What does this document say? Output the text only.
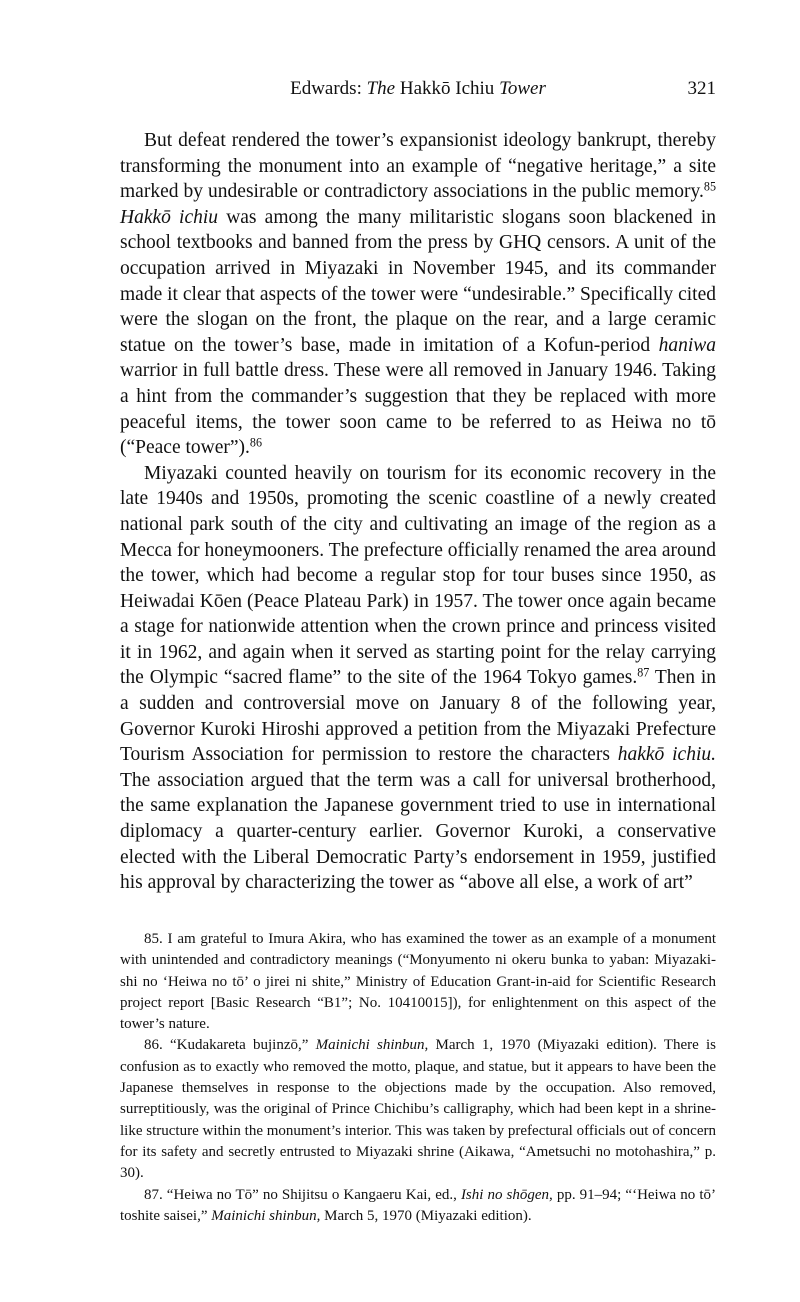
Edwards: The Hakkō Ichiu Tower	321

But defeat rendered the tower’s expansionist ideology bankrupt, thereby transforming the monument into an example of “negative heritage,” a site marked by undesirable or contradictory associations in the public memory.$^{85}$ Hakkō ichiu was among the many militaristic slogans soon blackened in school textbooks and banned from the press by GHQ censors. A unit of the occupation arrived in Miyazaki in November 1945, and its commander made it clear that aspects of the tower were “undesirable.” Specifically cited were the slogan on the front, the plaque on the rear, and a large ceramic statue on the tower’s base, made in imitation of a Kofun-period haniwa warrior in full battle dress. These were all removed in January 1946. Taking a hint from the commander’s suggestion that they be replaced with more peaceful items, the tower soon came to be referred to as Heiwa no tō (“Peace tower”).$^{86}$

Miyazaki counted heavily on tourism for its economic recovery in the late 1940s and 1950s, promoting the scenic coastline of a newly created national park south of the city and cultivating an image of the region as a Mecca for honeymooners. The prefecture officially renamed the area around the tower, which had become a regular stop for tour buses since 1950, as Heiwadai Kōen (Peace Plateau Park) in 1957. The tower once again became a stage for nationwide attention when the crown prince and princess visited it in 1962, and again when it served as starting point for the relay carrying the Olympic “sacred flame” to the site of the 1964 Tokyo games.$^{87}$ Then in a sudden and controversial move on January 8 of the following year, Governor Kuroki Hiroshi approved a petition from the Miyazaki Prefecture Tourism Association for permission to restore the characters hakkō ichiu. The association argued that the term was a call for universal brotherhood, the same explanation the Japanese government tried to use in international diplomacy a quarter-century earlier. Governor Kuroki, a conservative elected with the Liberal Democratic Party’s endorsement in 1959, justified his approval by characterizing the tower as “above all else, a work of art”

85. I am grateful to Imura Akira, who has examined the tower as an example of a monument with unintended and contradictory meanings (“Monyumento ni okeru bunka to yaban: Miyazaki-shi no ‘Heiwa no tō’ o jirei ni shite,” Ministry of Education Grant-in-aid for Scientific Research project report [Basic Research “B1”; No. 10410015]), for enlightenment on this aspect of the tower’s nature.

86. “Kudakareta bujinzō,” Mainichi shinbun, March 1, 1970 (Miyazaki edition). There is confusion as to exactly who removed the motto, plaque, and statue, but it appears to have been the Japanese themselves in response to the objections made by the occupation. Also removed, surreptitiously, was the original of Prince Chichibu’s calligraphy, which had been kept in a shrine-like structure within the monument’s interior. This was taken by prefectural officials out of concern for its safety and secretly entrusted to Miyazaki shrine (Aikawa, “Ametsuchi no motohashira,” p. 30).

87. “Heiwa no Tō” no Shijitsu o Kangaeru Kai, ed., Ishi no shōgen, pp. 91–94; “‘Heiwa no tō’ toshite saisei,” Mainichi shinbun, March 5, 1970 (Miyazaki edition).
